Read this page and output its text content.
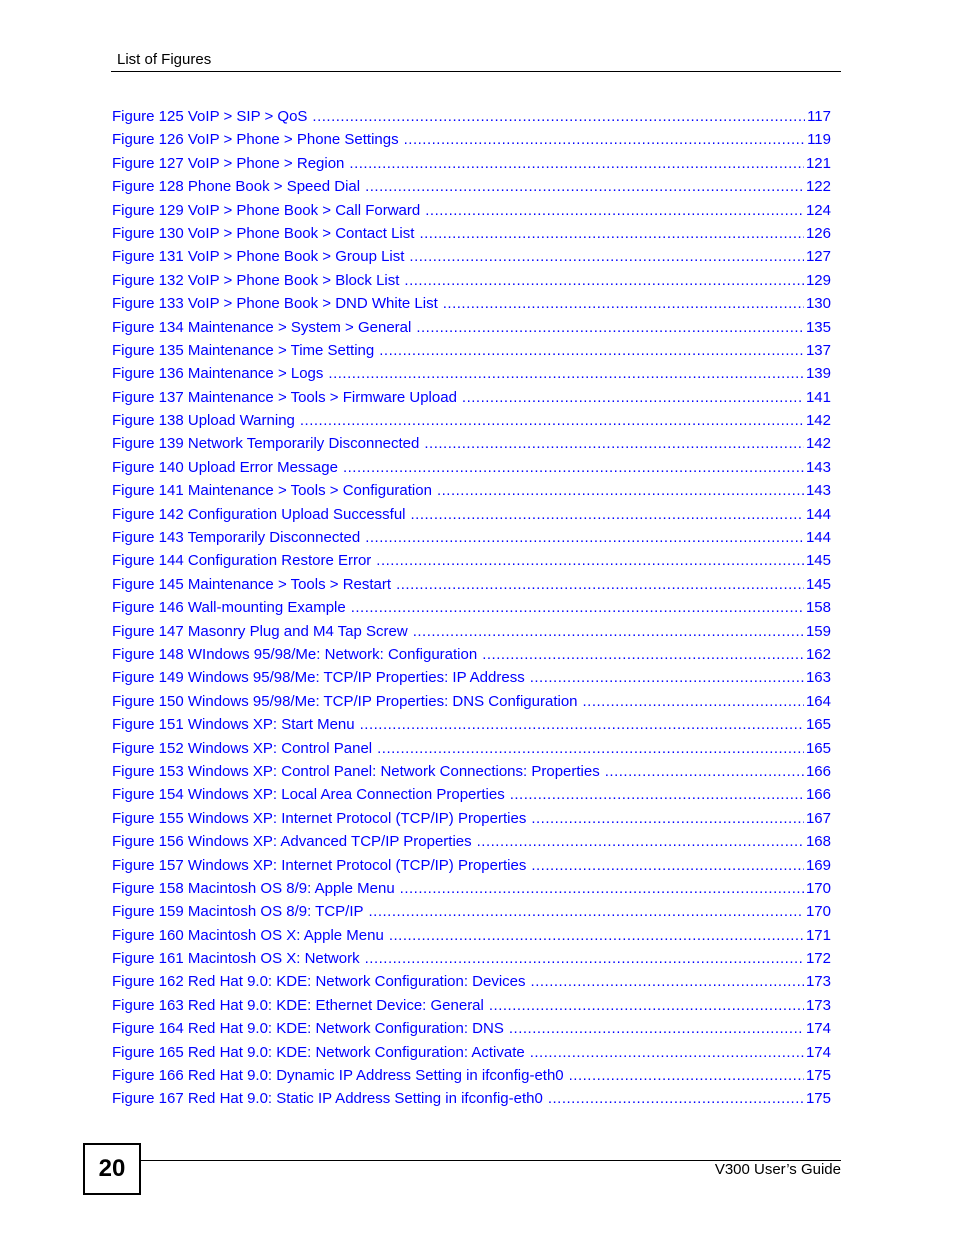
List of Figures
Figure 125 VoIP > SIP > QoS .....	117
Figure 126 VoIP > Phone > Phone Settings .....	119
Figure 127 VoIP > Phone > Region .....	121
Figure 128 Phone Book > Speed Dial .....	122
Figure 129 VoIP > Phone Book > Call Forward .....	124
Figure 130 VoIP > Phone Book > Contact List .....	126
Figure 131 VoIP > Phone Book > Group List .....	127
Figure 132 VoIP > Phone Book > Block List .....	129
Figure 133 VoIP > Phone Book > DND White List .....	130
Figure 134 Maintenance > System > General .....	135
Figure 135 Maintenance > Time Setting .....	137
Figure 136 Maintenance > Logs .....	139
Figure 137 Maintenance > Tools > Firmware Upload .....	141
Figure 138 Upload Warning .....	142
Figure 139 Network Temporarily Disconnected .....	142
Figure 140 Upload Error Message .....	143
Figure 141 Maintenance > Tools > Configuration .....	143
Figure 142 Configuration Upload Successful .....	144
Figure 143 Temporarily Disconnected .....	144
Figure 144 Configuration Restore Error .....	145
Figure 145 Maintenance > Tools > Restart .....	145
Figure 146 Wall-mounting Example .....	158
Figure 147 Masonry Plug and M4 Tap Screw .....	159
Figure 148 WIndows 95/98/Me: Network: Configuration .....	162
Figure 149 Windows 95/98/Me: TCP/IP Properties: IP Address .....	163
Figure 150 Windows 95/98/Me: TCP/IP Properties: DNS Configuration .....	164
Figure 151 Windows XP: Start Menu .....	165
Figure 152 Windows XP: Control Panel .....	165
Figure 153 Windows XP: Control Panel: Network Connections: Properties .....	166
Figure 154 Windows XP: Local Area Connection Properties .....	166
Figure 155 Windows XP: Internet Protocol (TCP/IP) Properties .....	167
Figure 156 Windows XP: Advanced TCP/IP Properties .....	168
Figure 157 Windows XP: Internet Protocol (TCP/IP) Properties .....	169
Figure 158 Macintosh OS 8/9: Apple Menu .....	170
Figure 159 Macintosh OS 8/9: TCP/IP .....	170
Figure 160 Macintosh OS X: Apple Menu .....	171
Figure 161 Macintosh OS X: Network .....	172
Figure 162 Red Hat 9.0: KDE: Network Configuration: Devices .....	173
Figure 163 Red Hat 9.0: KDE: Ethernet Device: General .....	173
Figure 164 Red Hat 9.0: KDE: Network Configuration: DNS .....	174
Figure 165 Red Hat 9.0: KDE: Network Configuration: Activate .....	174
Figure 166 Red Hat 9.0: Dynamic IP Address Setting in ifconfig-eth0 .....	175
Figure 167 Red Hat 9.0: Static IP Address Setting in ifconfig-eth0 .....	175
20	V300 User’s Guide
